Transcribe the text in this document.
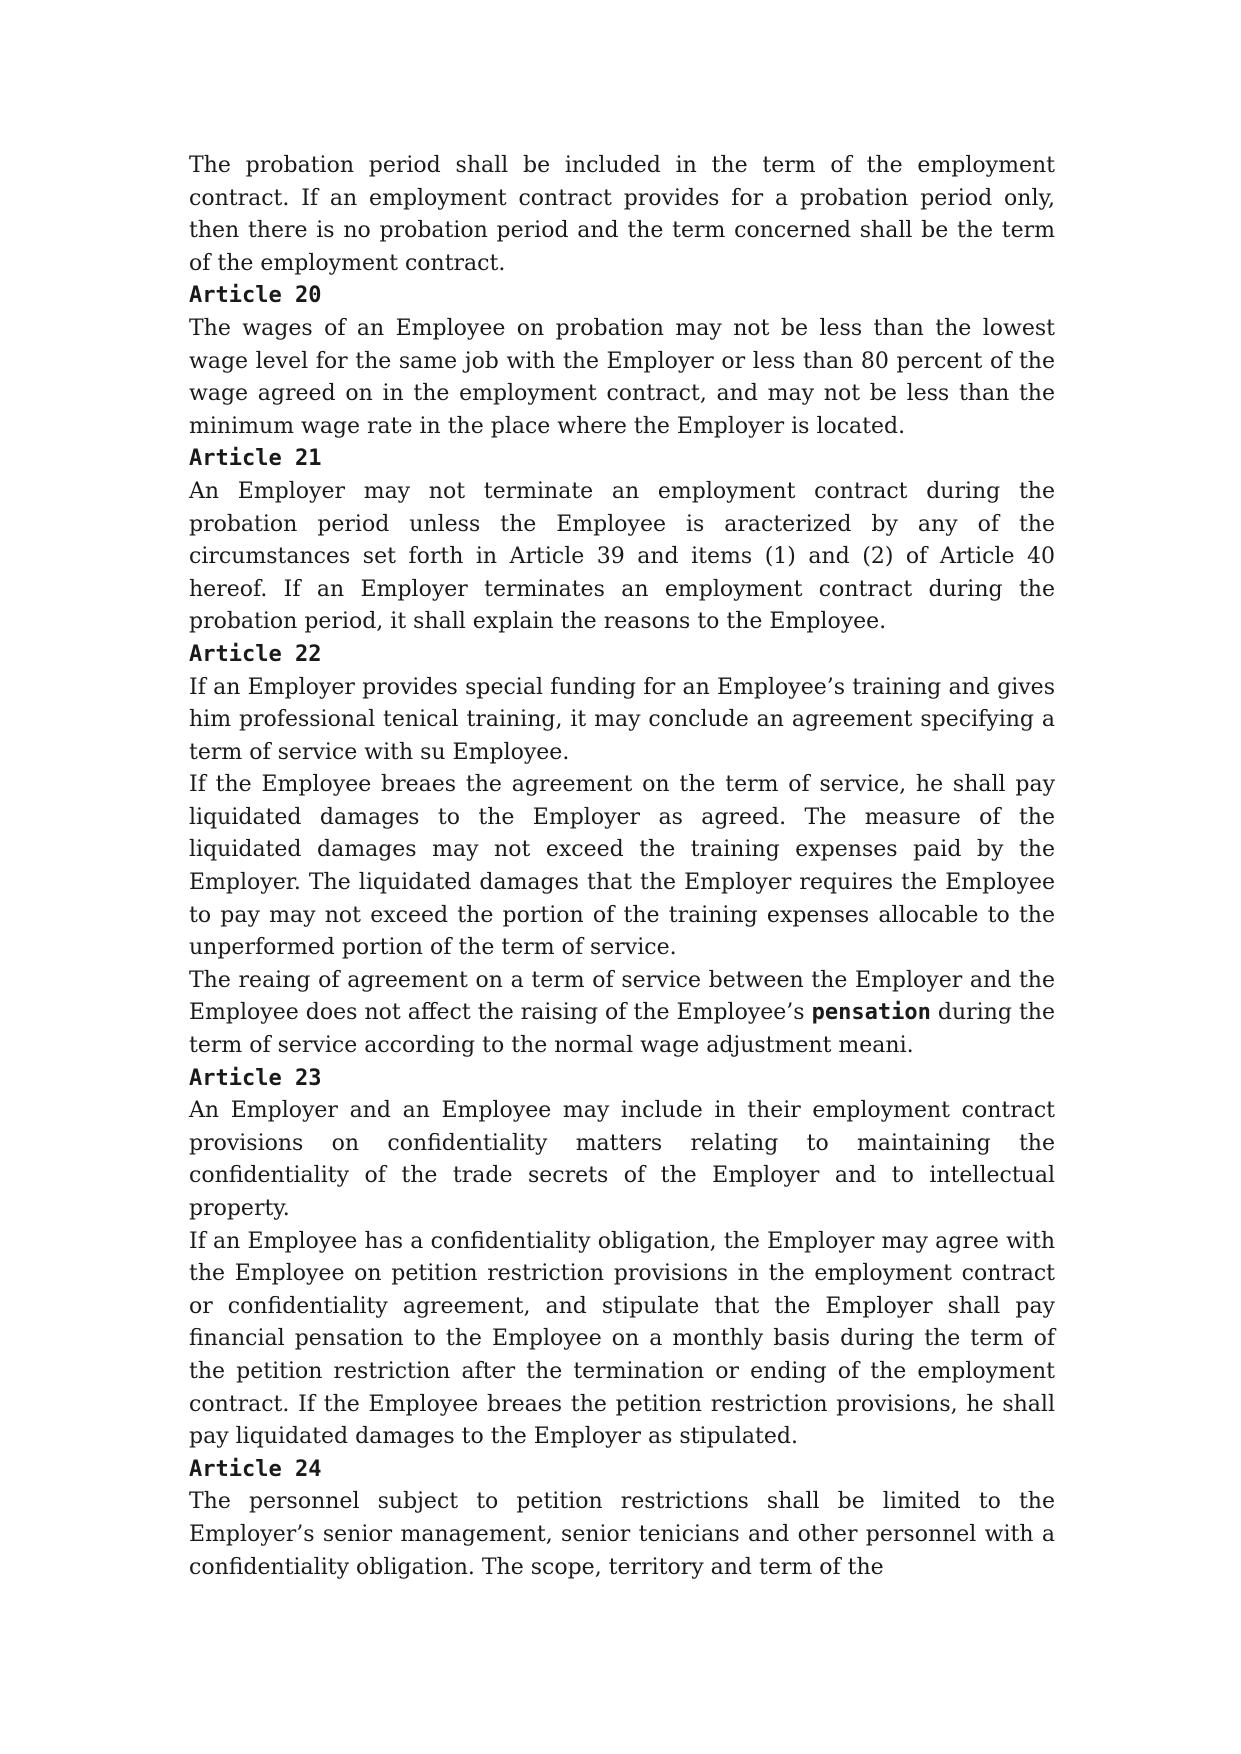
The probation period shall be included in the term of the employment contract. If an employment contract provides for a probation period only, then there is no probation period and the term concerned shall be the term of the employment contract.

Article 20

The wages of an Employee on probation may not be less than the lowest wage level for the same job with the Employer or less than 80 percent of the wage agreed on in the employment contract, and may not be less than the minimum wage rate in the place where the Employer is located.

Article 21

An Employer may not terminate an employment contract during the probation period unless the Employee is aracterized by any of the circumstances set forth in Article 39 and items (1) and (2) of Article 40 hereof. If an Employer terminates an employment contract during the probation period, it shall explain the reasons to the Employee.

Article 22

If an Employer provides special funding for an Employee’s training and gives him professional tenical training, it may conclude an agreement specifying a term of service with su Employee.

If the Employee breaes the agreement on the term of service, he shall pay liquidated damages to the Employer as agreed. The measure of the liquidated damages may not exceed the training expenses paid by the Employer. The liquidated damages that the Employer requires the Employee to pay may not exceed the portion of the training expenses allocable to the unperformed portion of the term of service.

The reaing of agreement on a term of service between the Employer and the Employee does not affect the raising of the Employee’s pensation during the term of service according to the normal wage adjustment meani.

Article 23

An Employer and an Employee may include in their employment contract provisions on confidentiality matters relating to maintaining the confidentiality of the trade secrets of the Employer and to intellectual property.

If an Employee has a confidentiality obligation, the Employer may agree with the Employee on petition restriction provisions in the employment contract or confidentiality agreement, and stipulate that the Employer shall pay financial pensation to the Employee on a monthly basis during the term of the petition restriction after the termination or ending of the employment contract. If the Employee breaes the petition restriction provisions, he shall pay liquidated damages to the Employer as stipulated.

Article 24

The personnel subject to petition restrictions shall be limited to the Employer’s senior management, senior tenicians and other personnel with a confidentiality obligation. The scope, territory and term of the
